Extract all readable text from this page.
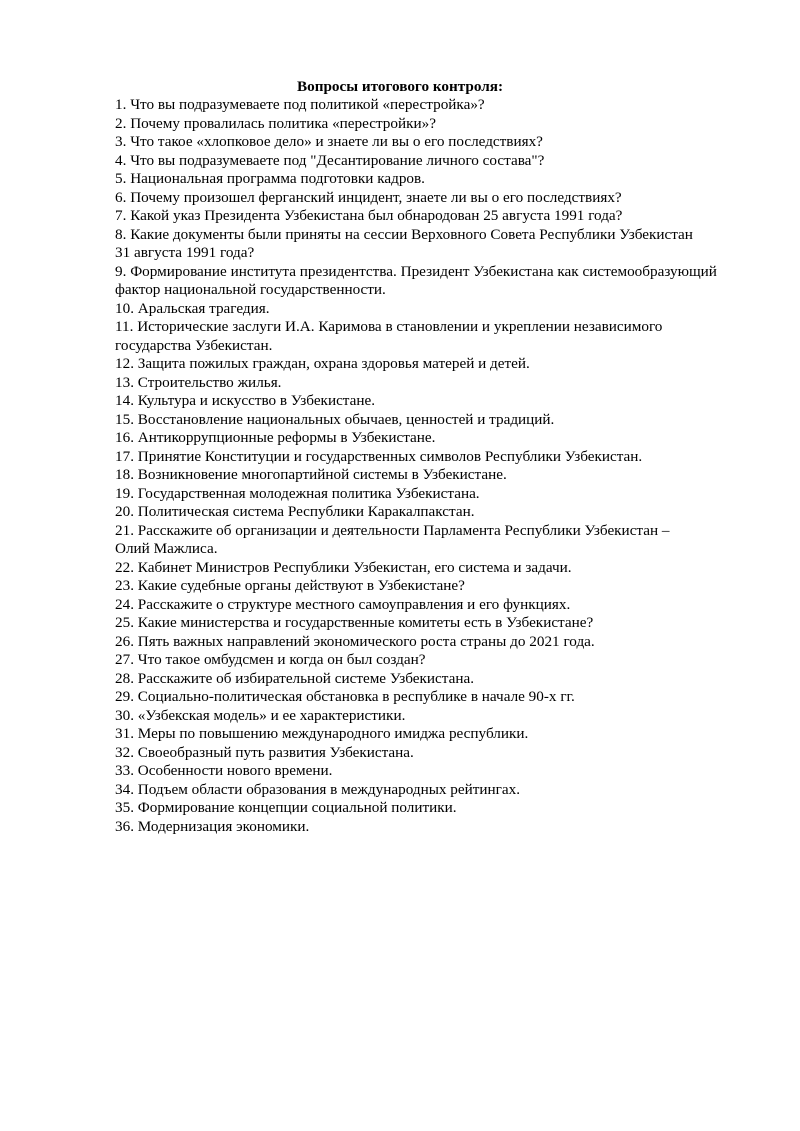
Вопросы итогового контроля:
1. Что вы подразумеваете под политикой «перестройка»?
2. Почему провалилась политика «перестройки»?
3. Что такое «хлопковое дело» и знаете ли вы о его последствиях?
4. Что вы подразумеваете под "Десантирование личного состава"?
5. Национальная программа подготовки кадров.
6. Почему произошел ферганский инцидент, знаете ли вы о его последствиях?
7. Какой указ Президента Узбекистана был обнародован 25 августа 1991 года?
8. Какие документы были приняты на сессии Верховного Совета Республики Узбекистан
31 августа 1991 года?
9. Формирование института президентства. Президент Узбекистана как системообразующий
фактор национальной государственности.
10. Аральская трагедия.
11. Исторические заслуги И.А. Каримова в становлении и укреплении независимого
государства Узбекистан.
12. Защита пожилых граждан, охрана здоровья матерей и детей.
13. Строительство жилья.
14. Культура и искусство в Узбекистане.
15. Восстановление национальных обычаев, ценностей и традиций.
16. Антикоррупционные реформы в Узбекистане.
17. Принятие Конституции и государственных символов Республики Узбекистан.
18. Возникновение многопартийной системы в Узбекистане.
19. Государственная молодежная политика Узбекистана.
20. Политическая система Республики Каракалпакстан.
21. Расскажите об организации и деятельности Парламента Республики Узбекистан –
Олий Мажлиса.
22. Кабинет Министров Республики Узбекистан, его система и задачи.
23. Какие судебные органы действуют в Узбекистане?
24. Расскажите о структуре местного самоуправления и его функциях.
25. Какие министерства и государственные комитеты есть в Узбекистане?
26. Пять важных направлений экономического роста страны до 2021 года.
27. Что такое омбудсмен и когда он был создан?
28. Расскажите об избирательной системе Узбекистана.
29. Социально-политическая обстановка в республике в начале 90-х гг.
30. «Узбекская модель» и ее характеристики.
31. Меры по повышению международного имиджа республики.
32. Своеобразный путь развития Узбекистана.
33. Особенности нового времени.
34. Подъем области образования в международных рейтингах.
35. Формирование концепции социальной политики.
36. Модернизация экономики.
